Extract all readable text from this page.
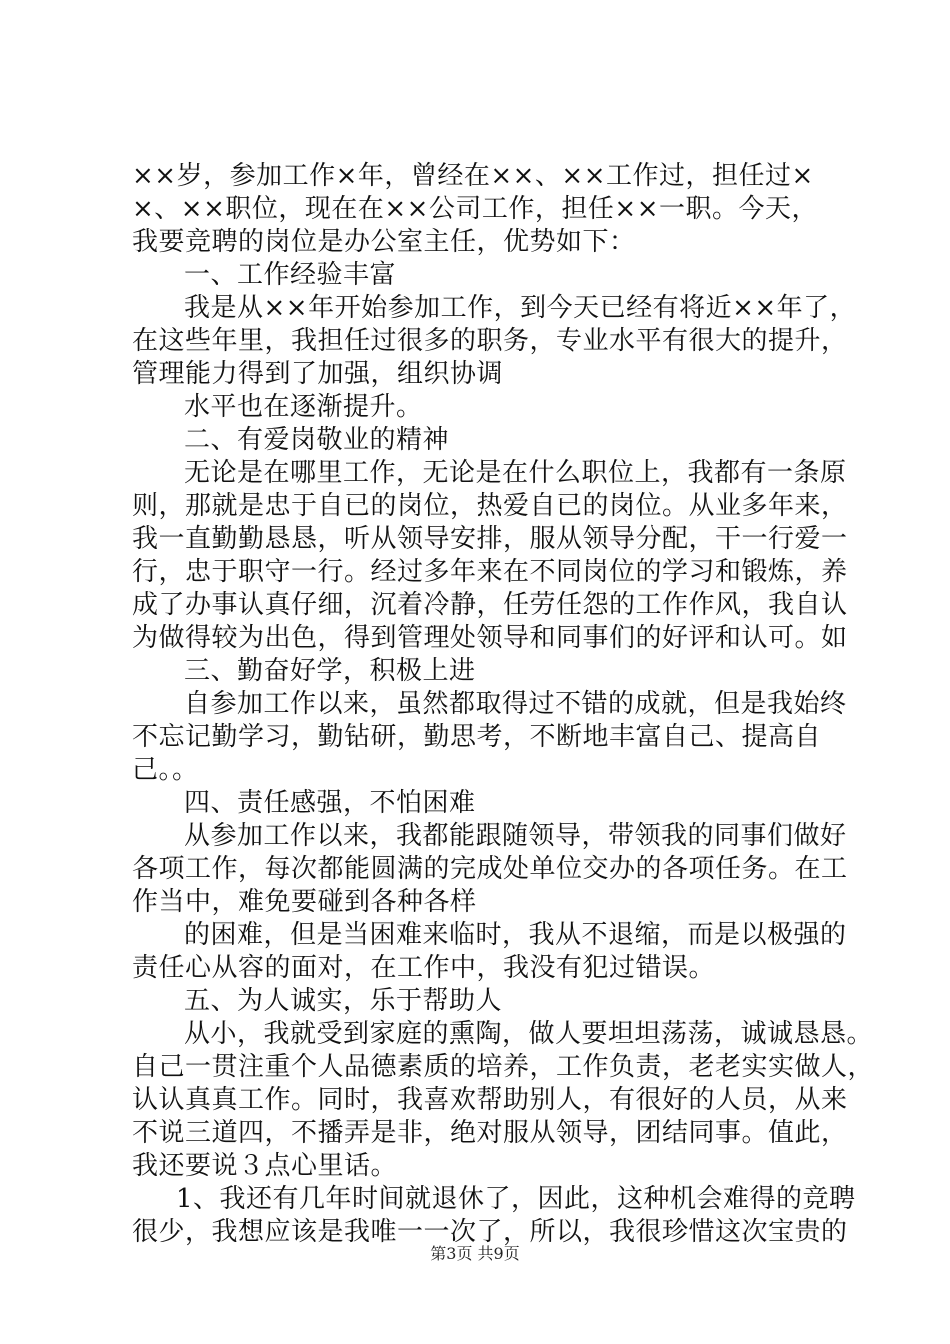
××岁，参加工作×年，曾经在××、××工作过，担任过×
×、××职位，现在在××公司工作，担任××一职。今天，
我要竞聘的岗位是办公室主任，优势如下：
一、工作经验丰富
我是从××年开始参加工作，到今天已经有将近××年了，
在这些年里，我担任过很多的职务，专业水平有很大的提升，
管理能力得到了加强，组织协调
水平也在逐渐提升。
二、有爱岗敬业的精神
无论是在哪里工作，无论是在什么职位上，我都有一条原
则，那就是忠于自已的岗位，热爱自已的岗位。从业多年来，
我一直勤勤恳恳，听从领导安排，服从领导分配，干一行爱一
行，忠于职守一行。经过多年来在不同岗位的学习和锻炼，养
成了办事认真仔细，沉着冷静，任劳任怨的工作作风，我自认
为做得较为出色，得到管理处领导和同事们的好评和认可。如
三、勤奋好学，积极上进
自参加工作以来，虽然都取得过不错的成就，但是我始终
不忘记勤学习，勤钻研，勤思考，不断地丰富自己、提高自
己。。
四、责任感强，不怕困难
从参加工作以来，我都能跟随领导，带领我的同事们做好
各项工作，每次都能圆满的完成处单位交办的各项任务。在工
作当中，难免要碰到各种各样
的困难，但是当困难来临时，我从不退缩，而是以极强的
责任心从容的面对，在工作中，我没有犯过错误。
五、为人诚实，乐于帮助人
从小，我就受到家庭的熏陶，做人要坦坦荡荡，诚诚恳恳。
自己一贯注重个人品德素质的培养，工作负责，老老实实做人，
认认真真工作。同时，我喜欢帮助别人，有很好的人员，从来
不说三道四，不播弄是非，绝对服从领导，团结同事。值此，
我还要说３点心里话。
1、我还有几年时间就退休了，因此，这种机会难得的竞聘
很少，我想应该是我唯一一次了，所以，我很珍惜这次宝贵的
第3页 共9页
